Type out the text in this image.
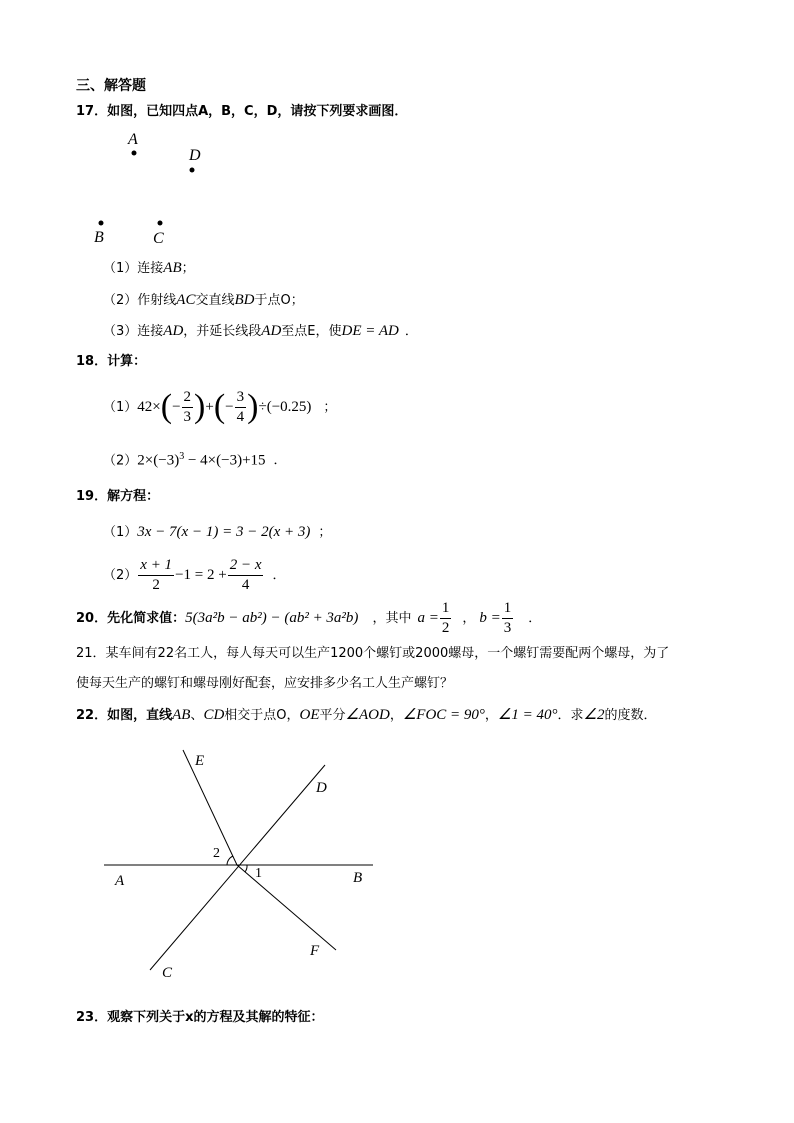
三、解答题
17．如图，已知四点A，B，C，D，请按下列要求画图．
A
D
B	C
（1）连接AB；
（2）作射线AC交直线BD于点O；
（3）连接AD，并延长线段AD至点E，使DE = AD ．
18．计算：
（1） 42× ( − $\frac{2}{3}$ ) + ( − $\frac{3}{4}$ ) ÷(−0.25) ；
$(2)2\times(-3)^3 - 4\times(-3)+15$ ．
19．解方程：
（1）3x − 7(x − 1) = 3 − 2(x + 3) ；
$(2) \frac{x + 1}{2} -1 = 2 + \frac{2 - x}{4}$ ．
20．先化简求值： 5(3a²b − ab²) − (ab² + 3a²b) ，其中 $a = \frac{1}{2}$ ， $b = \frac{1}{3}$ ．
21．某车间有22名工人，每人每天可以生产1200个螺钉或2000螺母，一个螺钉需要配两个螺母，为了
使每天生产的螺钉和螺母刚好配套，应安排多少名工人生产螺钉？
22．如图，直线AB、CD相交于点O，OE平分∠AOD，∠FOC = 90°，∠1 = 40°．求∠2的度数．
E
D
2
1
A	B
F
C
23．观察下列关于x的方程及其解的特征：
